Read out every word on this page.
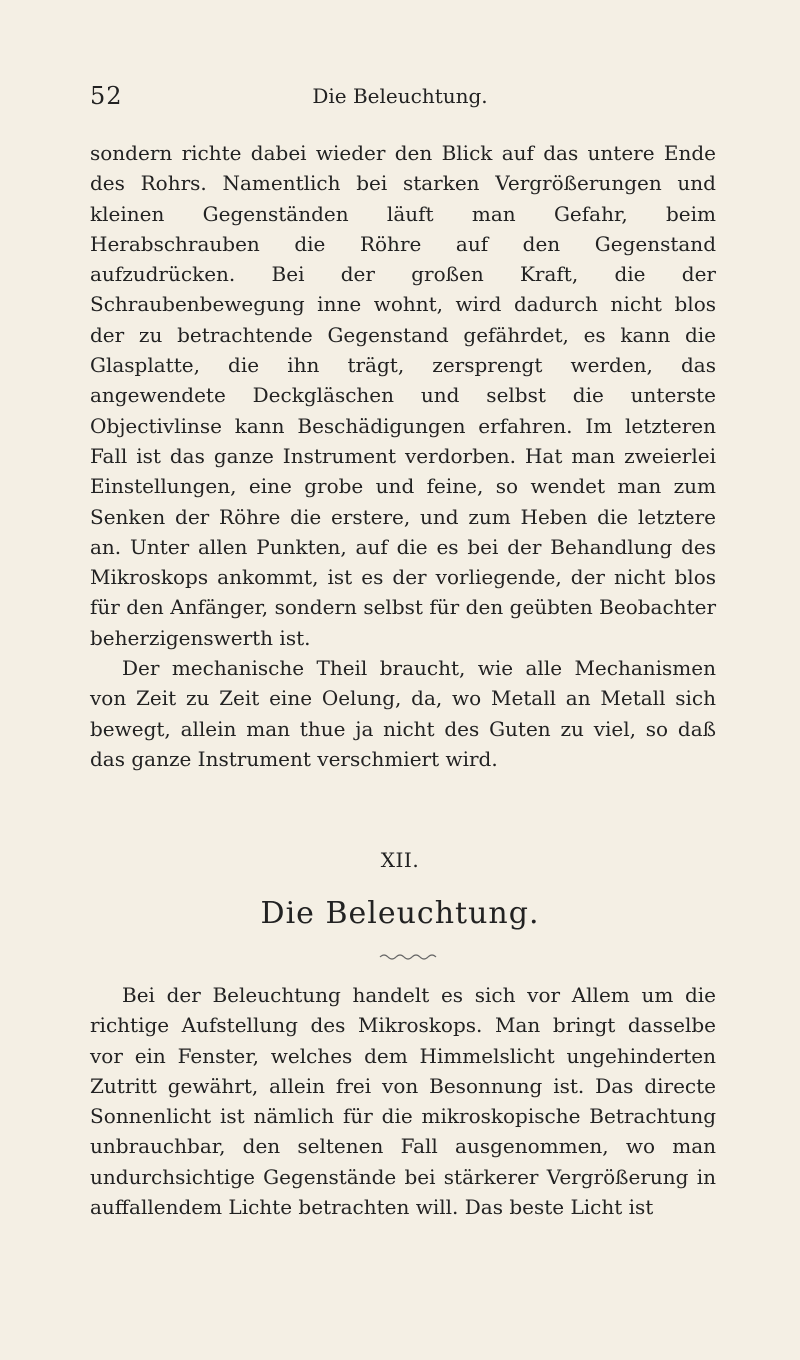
52	Die Beleuchtung.

sondern richte dabei wieder den Blick auf das untere Ende des Rohrs. Namentlich bei starken Vergrößerungen und kleinen Gegenständen läuft man Gefahr, beim Herabschrauben die Röhre auf den Gegenstand aufzudrücken. Bei der großen Kraft, die der Schraubenbewegung inne wohnt, wird dadurch nicht blos der zu betrachtende Gegenstand gefährdet, es kann die Glasplatte, die ihn trägt, zersprengt werden, das angewendete Deckgläschen und selbst die unterste Objectivlinse kann Beschädigungen erfahren. Im letzteren Fall ist das ganze Instrument verdorben. Hat man zweierlei Einstellungen, eine grobe und feine, so wendet man zum Senken der Röhre die erstere, und zum Heben die letztere an. Unter allen Punkten, auf die es bei der Behandlung des Mikroskops ankommt, ist es der vorliegende, der nicht blos für den Anfänger, sondern selbst für den geübten Beobachter beherzigenswerth ist.

Der mechanische Theil braucht, wie alle Mechanismen von Zeit zu Zeit eine Oelung, da, wo Metall an Metall sich bewegt, allein man thue ja nicht des Guten zu viel, so daß das ganze Instrument verschmiert wird.

XII.
Die Beleuchtung.

Bei der Beleuchtung handelt es sich vor Allem um die richtige Aufstellung des Mikroskops. Man bringt dasselbe vor ein Fenster, welches dem Himmelslicht ungehinderten Zutritt gewährt, allein frei von Besonnung ist. Das directe Sonnenlicht ist nämlich für die mikroskopische Betrachtung unbrauchbar, den seltenen Fall ausgenommen, wo man undurchsichtige Gegenstände bei stärkerer Vergrößerung in auffallendem Lichte betrachten will. Das beste Licht ist
